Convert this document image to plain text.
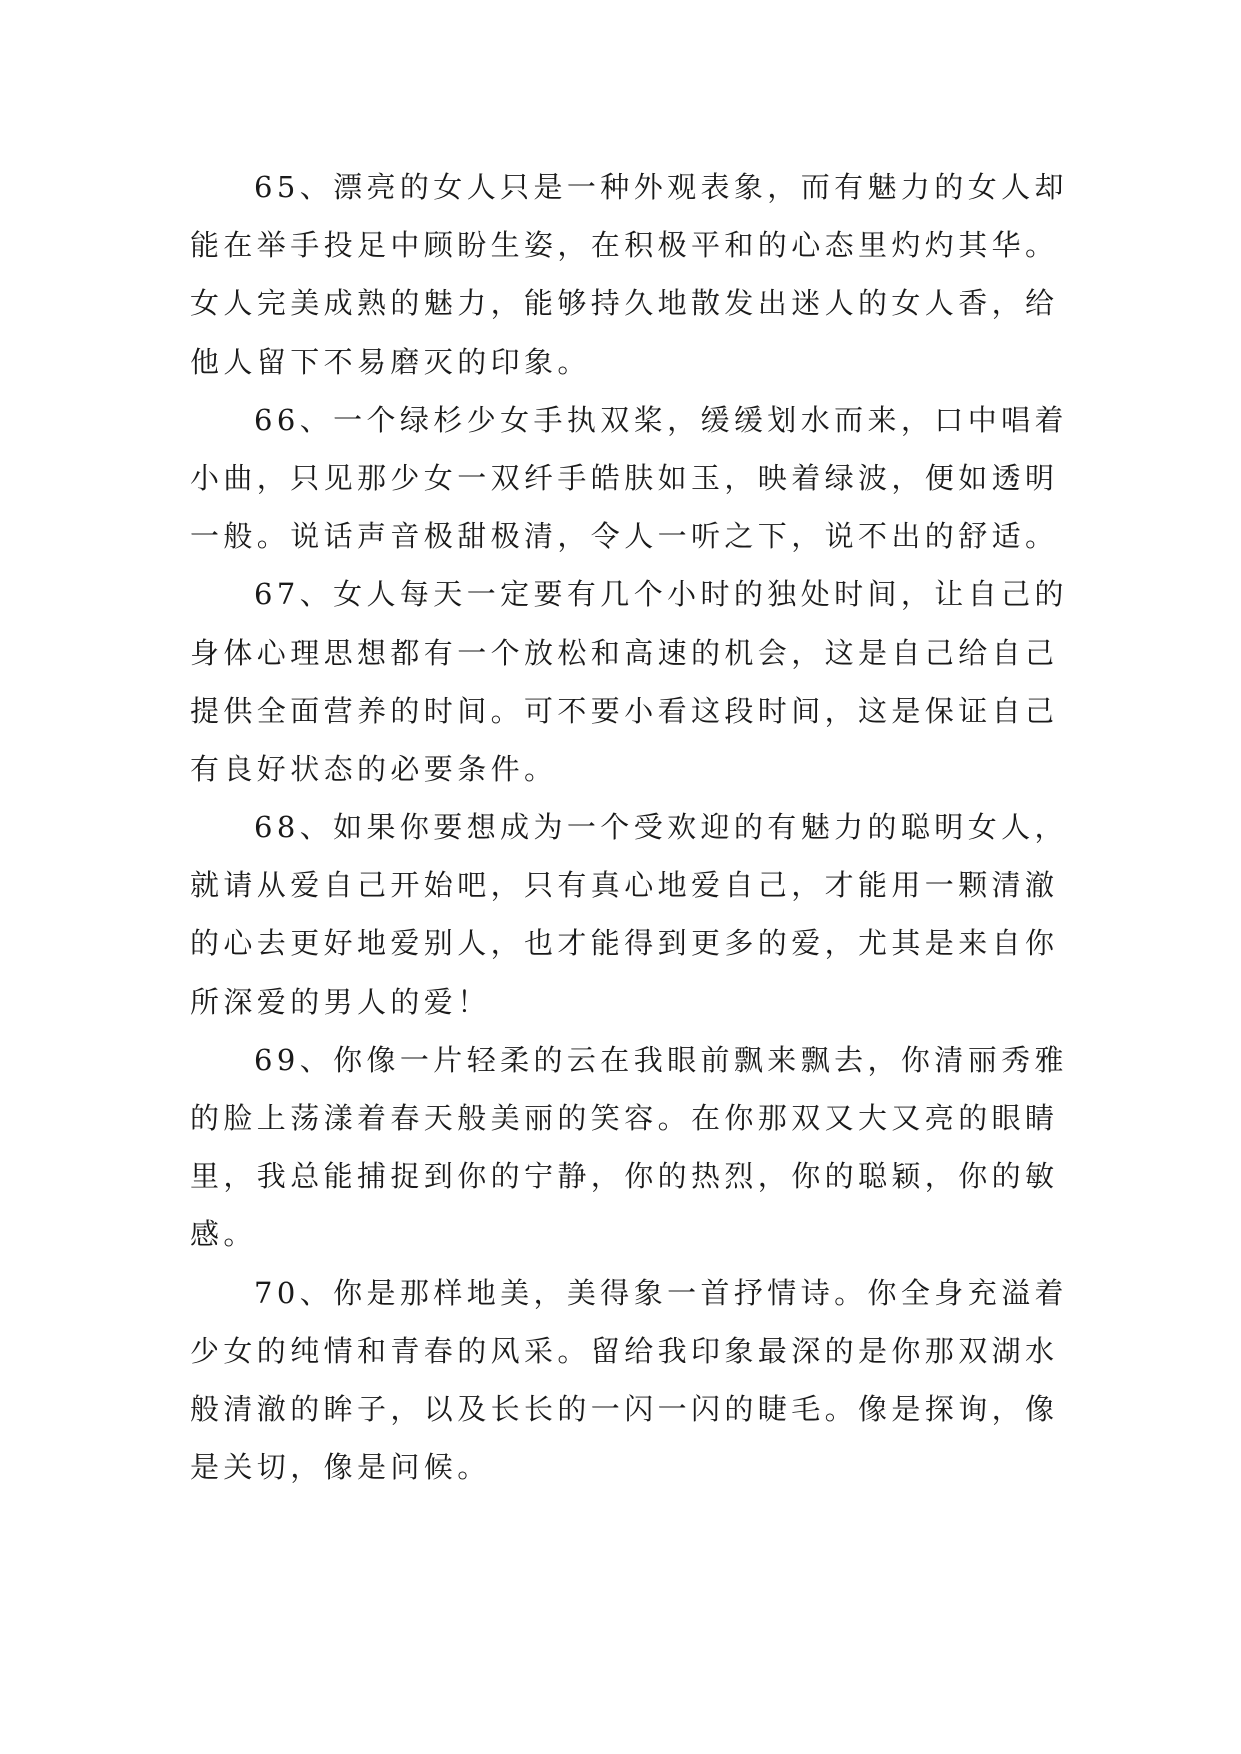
65、漂亮的女人只是一种外观表象，而有魅力的女人却
能在举手投足中顾盼生姿，在积极平和的心态里灼灼其华。
女人完美成熟的魅力，能够持久地散发出迷人的女人香，给
他人留下不易磨灭的印象。
66、一个绿杉少女手执双桨，缓缓划水而来，口中唱着
小曲，只见那少女一双纤手皓肤如玉，映着绿波，便如透明
一般。说话声音极甜极清，令人一听之下，说不出的舒适。
67、女人每天一定要有几个小时的独处时间，让自己的
身体心理思想都有一个放松和高速的机会，这是自己给自己
提供全面营养的时间。可不要小看这段时间，这是保证自己
有良好状态的必要条件。
68、如果你要想成为一个受欢迎的有魅力的聪明女人，
就请从爱自己开始吧，只有真心地爱自己，才能用一颗清澈
的心去更好地爱别人，也才能得到更多的爱，尤其是来自你
所深爱的男人的爱！
69、你像一片轻柔的云在我眼前飘来飘去，你清丽秀雅
的脸上荡漾着春天般美丽的笑容。在你那双又大又亮的眼睛
里，我总能捕捉到你的宁静，你的热烈，你的聪颖，你的敏
感。
70、你是那样地美，美得象一首抒情诗。你全身充溢着
少女的纯情和青春的风采。留给我印象最深的是你那双湖水
般清澈的眸子，以及长长的一闪一闪的睫毛。像是探询，像
是关切，像是问候。
